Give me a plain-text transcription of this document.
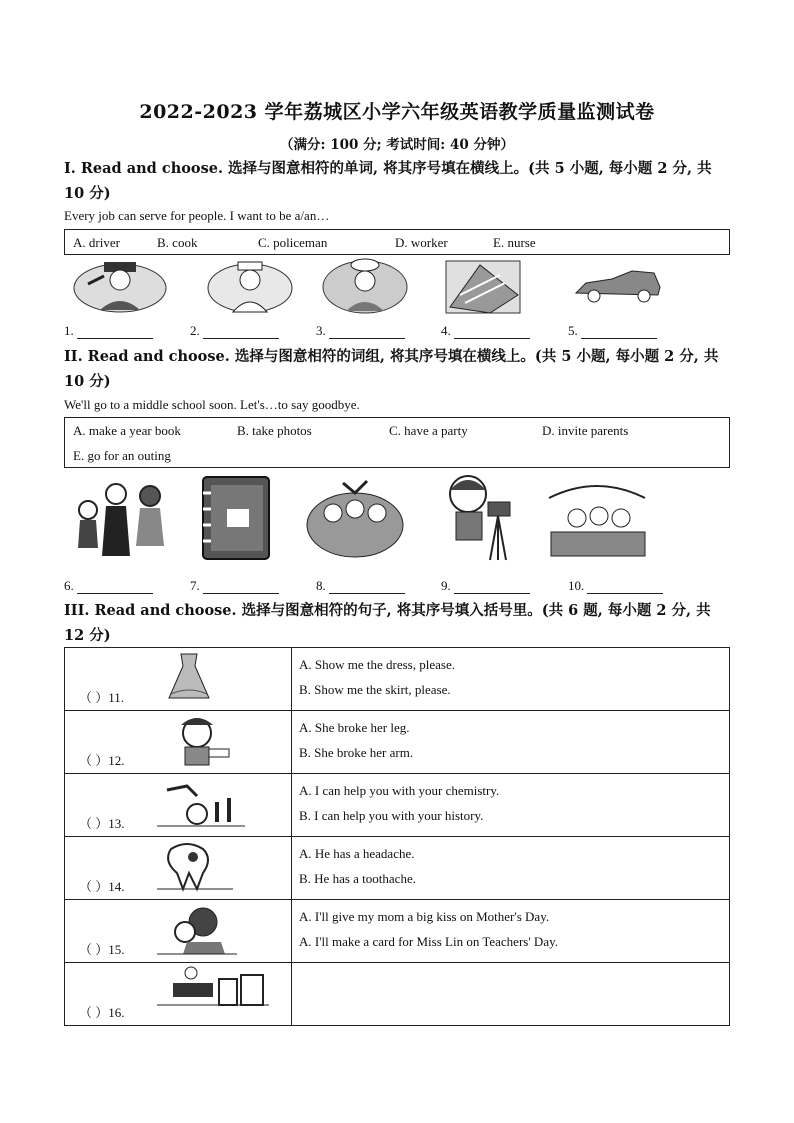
2022-2023 学年荔城区小学六年级英语教学质量监测试卷
（满分: 100 分; 考试时间: 40 分钟）
I. Read and choose. 选择与图意相符的单词, 将其序号填在横线上。(共 5 小题, 每小题 2 分, 共 10 分)
Every job can serve for people. I want to be a/an…
A. driver	B. cook	C. policeman	D. worker	E. nurse
1.	2.	3.	4.	5.
II. Read and choose. 选择与图意相符的词组, 将其序号填在横线上。(共 5 小题, 每小题 2 分, 共 10 分)
We'll go to a middle school soon. Let's…to say goodbye.
A. make a year book	B. take photos	C. have a party	D. invite parents
E. go for an outing
6.	7.	8.	9.	10.
III. Read and choose. 选择与图意相符的句子, 将其序号填入括号里。(共 6 题, 每小题 2 分, 共 12 分)
（ ）11.	A. Show me the dress, please.
B. Show me the skirt, please.

（ ）12.	A. She broke her leg.
B. She broke her arm.

（ ）13.	A. I can help you with your chemistry.
B. I can help you with your history.

（ ）14.	A. He has a headache.
B. He has a toothache.

（ ）15.	A. I'll give my mom a big kiss on Mother's Day.
A. I'll make a card for Miss Lin on Teachers' Day.

（ ）16.	
